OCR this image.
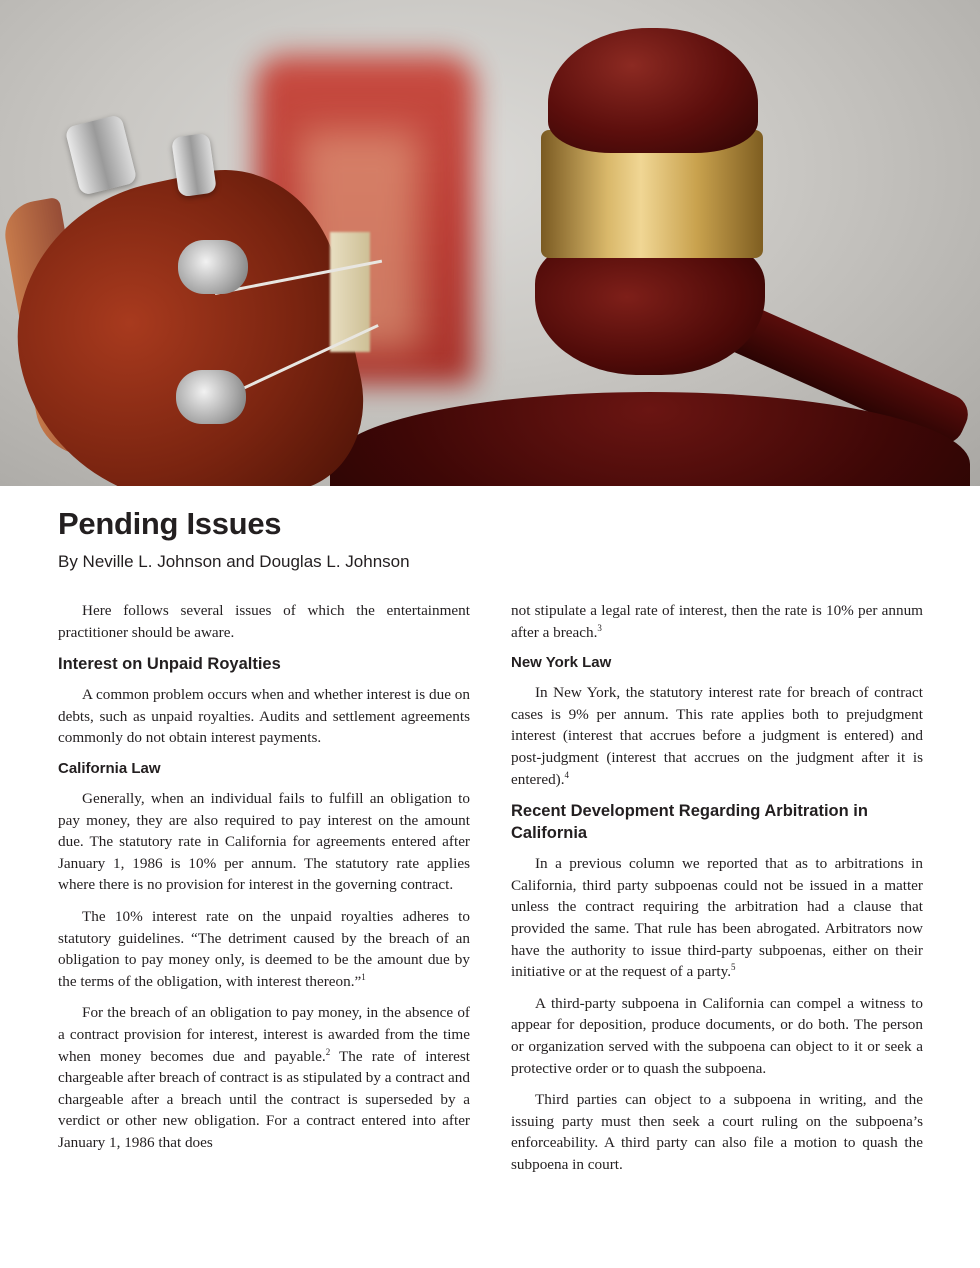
Pending Issues
By Neville L. Johnson and Douglas L. Johnson

Here follows several issues of which the entertainment practitioner should be aware.

Interest on Unpaid Royalties

A common problem occurs when and whether interest is due on debts, such as unpaid royalties. Audits and settlement agreements commonly do not obtain interest payments.

California Law

Generally, when an individual fails to fulfill an obligation to pay money, they are also required to pay interest on the amount due. The statutory rate in California for agreements entered after January 1, 1986 is 10% per annum. The statutory rate applies where there is no provision for interest in the governing contract.

The 10% interest rate on the unpaid royalties adheres to statutory guidelines. “The detriment caused by the breach of an obligation to pay money only, is deemed to be the amount due by the terms of the obligation, with interest thereon.”$^1$

For the breach of an obligation to pay money, in the absence of a contract provision for interest, interest is awarded from the time when money becomes due and payable.$^2$ The rate of interest chargeable after breach of contract is as stipulated by a contract and chargeable after a breach until the contract is superseded by a verdict or other new obligation. For a contract entered into after January 1, 1986 that does

not stipulate a legal rate of interest, then the rate is 10% per annum after a breach.$^3$

New York Law

In New York, the statutory interest rate for breach of contract cases is 9% per annum. This rate applies both to prejudgment interest (interest that accrues before a judgment is entered) and post-judgment (interest that accrues on the judgment after it is entered).$^4$

Recent Development Regarding Arbitration in California

In a previous column we reported that as to arbitrations in California, third party subpoenas could not be issued in a matter unless the contract requiring the arbitration had a clause that provided the same. That rule has been abrogated. Arbitrators now have the authority to issue third-party subpoenas, either on their initiative or at the request of a party.$^5$

A third-party subpoena in California can compel a witness to appear for deposition, produce documents, or do both. The person or organization served with the subpoena can object to it or seek a protective order or to quash the subpoena.

Third parties can object to a subpoena in writing, and the issuing party must then seek a court ruling on the subpoena’s enforceability. A third party can also file a motion to quash the subpoena in court.
